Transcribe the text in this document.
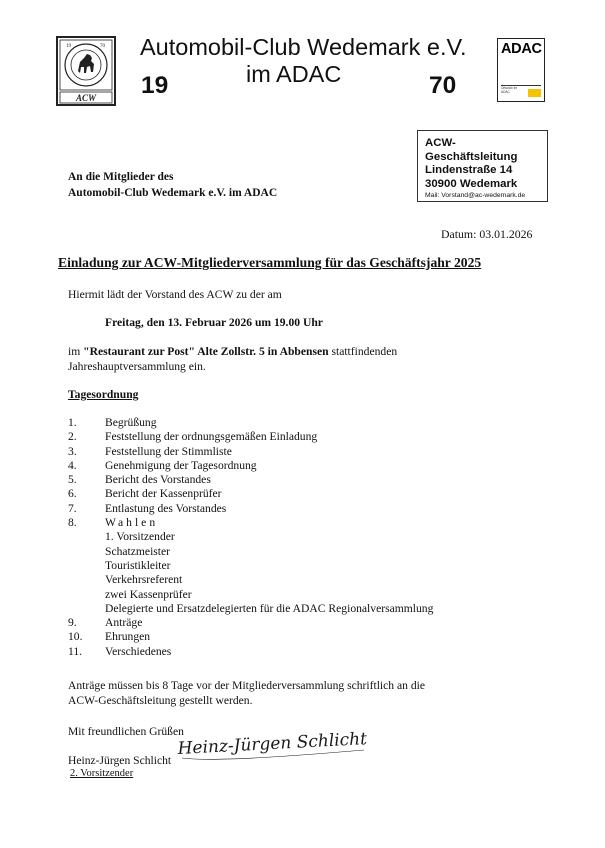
19	70
ACW
Automobil-Club Wedemark e.V.
im ADAC
19	70
ADAC
Ortsclub im ADAC
ACW-
Geschäftsleitung
Lindenstraße 14
30900 Wedemark
Mail: Vorstand@ac-wedemark.de
An die Mitglieder des
Automobil-Club Wedemark e.V. im ADAC
Datum: 03.01.2026
Einladung zur ACW-Mitgliederversammlung für das Geschäftsjahr 2025
Hiermit lädt der Vorstand des ACW zu der am
Freitag, den 13. Februar 2026 um 19.00 Uhr
im "Restaurant zur Post" Alte Zollstr. 5 in Abbensen stattfindenden
Jahreshauptversammlung ein.
Tagesordnung
1. Begrüßung
2. Feststellung der ordnungsgemäßen Einladung
3. Feststellung der Stimmliste
4. Genehmigung der Tagesordnung
5. Bericht des Vorstandes
6. Bericht der Kassenprüfer
7. Entlastung des Vorstandes
8. Wahlen
1. Vorsitzender
Schatzmeister
Touristikleiter
Verkehrsreferent
zwei Kassenprüfer
Delegierte und Ersatzdelegierten für die ADAC Regionalversammlung
9. Anträge
10. Ehrungen
11. Verschiedenes
Anträge müssen bis 8 Tage vor der Mitgliederversammlung schriftlich an die
ACW-Geschäftsleitung gestellt werden.
Mit freundlichen Grüßen
Heinz-Jürgen Schlicht
2. Vorsitzender
Heinz-Jürgen Schlicht
